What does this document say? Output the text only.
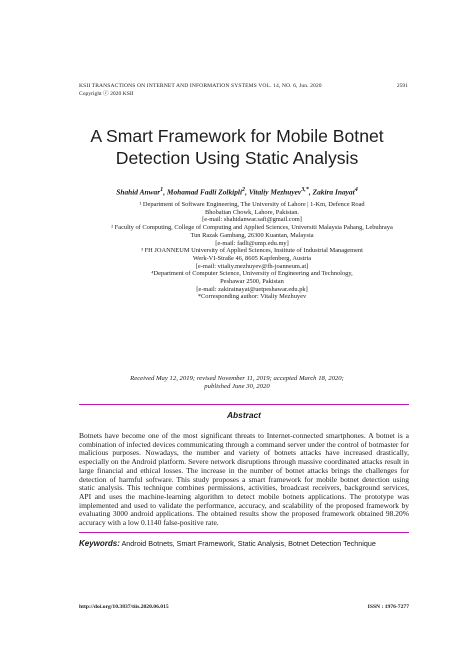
KSII TRANSACTIONS ON INTERNET AND INFORMATION SYSTEMS VOL. 14, NO. 6, Jun. 2020	2591
Copyright ⓒ 2020 KSII
A Smart Framework for Mobile Botnet
Detection Using Static Analysis
Shahid Anwar$^1$, Mohamad Fadli Zolkipli$^2$, Vitaliy Mezhuyev$^{3,*}$, Zakira Inayat$^4$
¹ Department of Software Engineering, The University of Lahore | 1-Km, Defence Road
Bhobatian Chowk, Lahore, Pakistan.
[e-mail: shahidanwar.safi@gmail.com]
² Faculty of Computing, College of Computing and Applied Sciences, Universiti Malaysia Pahang, Lebuhraya
Tun Razak Gambang, 26300 Kuantan, Malaysia
[e-mail: fadli@ump.edu.my]
³ FH JOANNEUM University of Applied Sciences, Institute of Industrial Management
Werk-VI-Straße 46, 8605 Kapfenberg, Austria
[e-mail: vitaliy.mezhuyev@fh-joanneum.at]
⁴Department of Computer Science, University of Engineering and Technology,
Peshawar 2500, Pakistan
[e-mail: zakirainayat@uetpeshawar.edu.pk]
*Corresponding author: Vitaliy Mezhuyev
Received May 12, 2019; revised November 11, 2019; accepted March 18, 2020;
published June 30, 2020
Abstract
Botnets have become one of the most significant threats to Internet-connected smartphones. A botnet is a combination of infected devices communicating through a command server under the control of botmaster for malicious purposes. Nowadays, the number and variety of botnets attacks have increased drastically, especially on the Android platform. Severe network disruptions through massive coordinated attacks result in large financial and ethical losses. The increase in the number of botnet attacks brings the challenges for detection of harmful software. This study proposes a smart framework for mobile botnet detection using static analysis. This technique combines permissions, activities, broadcast receivers, background services, API and uses the machine-learning algorithm to detect mobile botnets applications. The prototype was implemented and used to validate the performance, accuracy, and scalability of the proposed framework by evaluating 3000 android applications. The obtained results show the proposed framework obtained 98.20% accuracy with a low 0.1140 false-positive rate.
Keywords: Android Botnets, Smart Framework, Static Analysis, Botnet Detection Technique
http://doi.org/10.3837/tiis.2020.06.015	ISSN : 1976-7277
